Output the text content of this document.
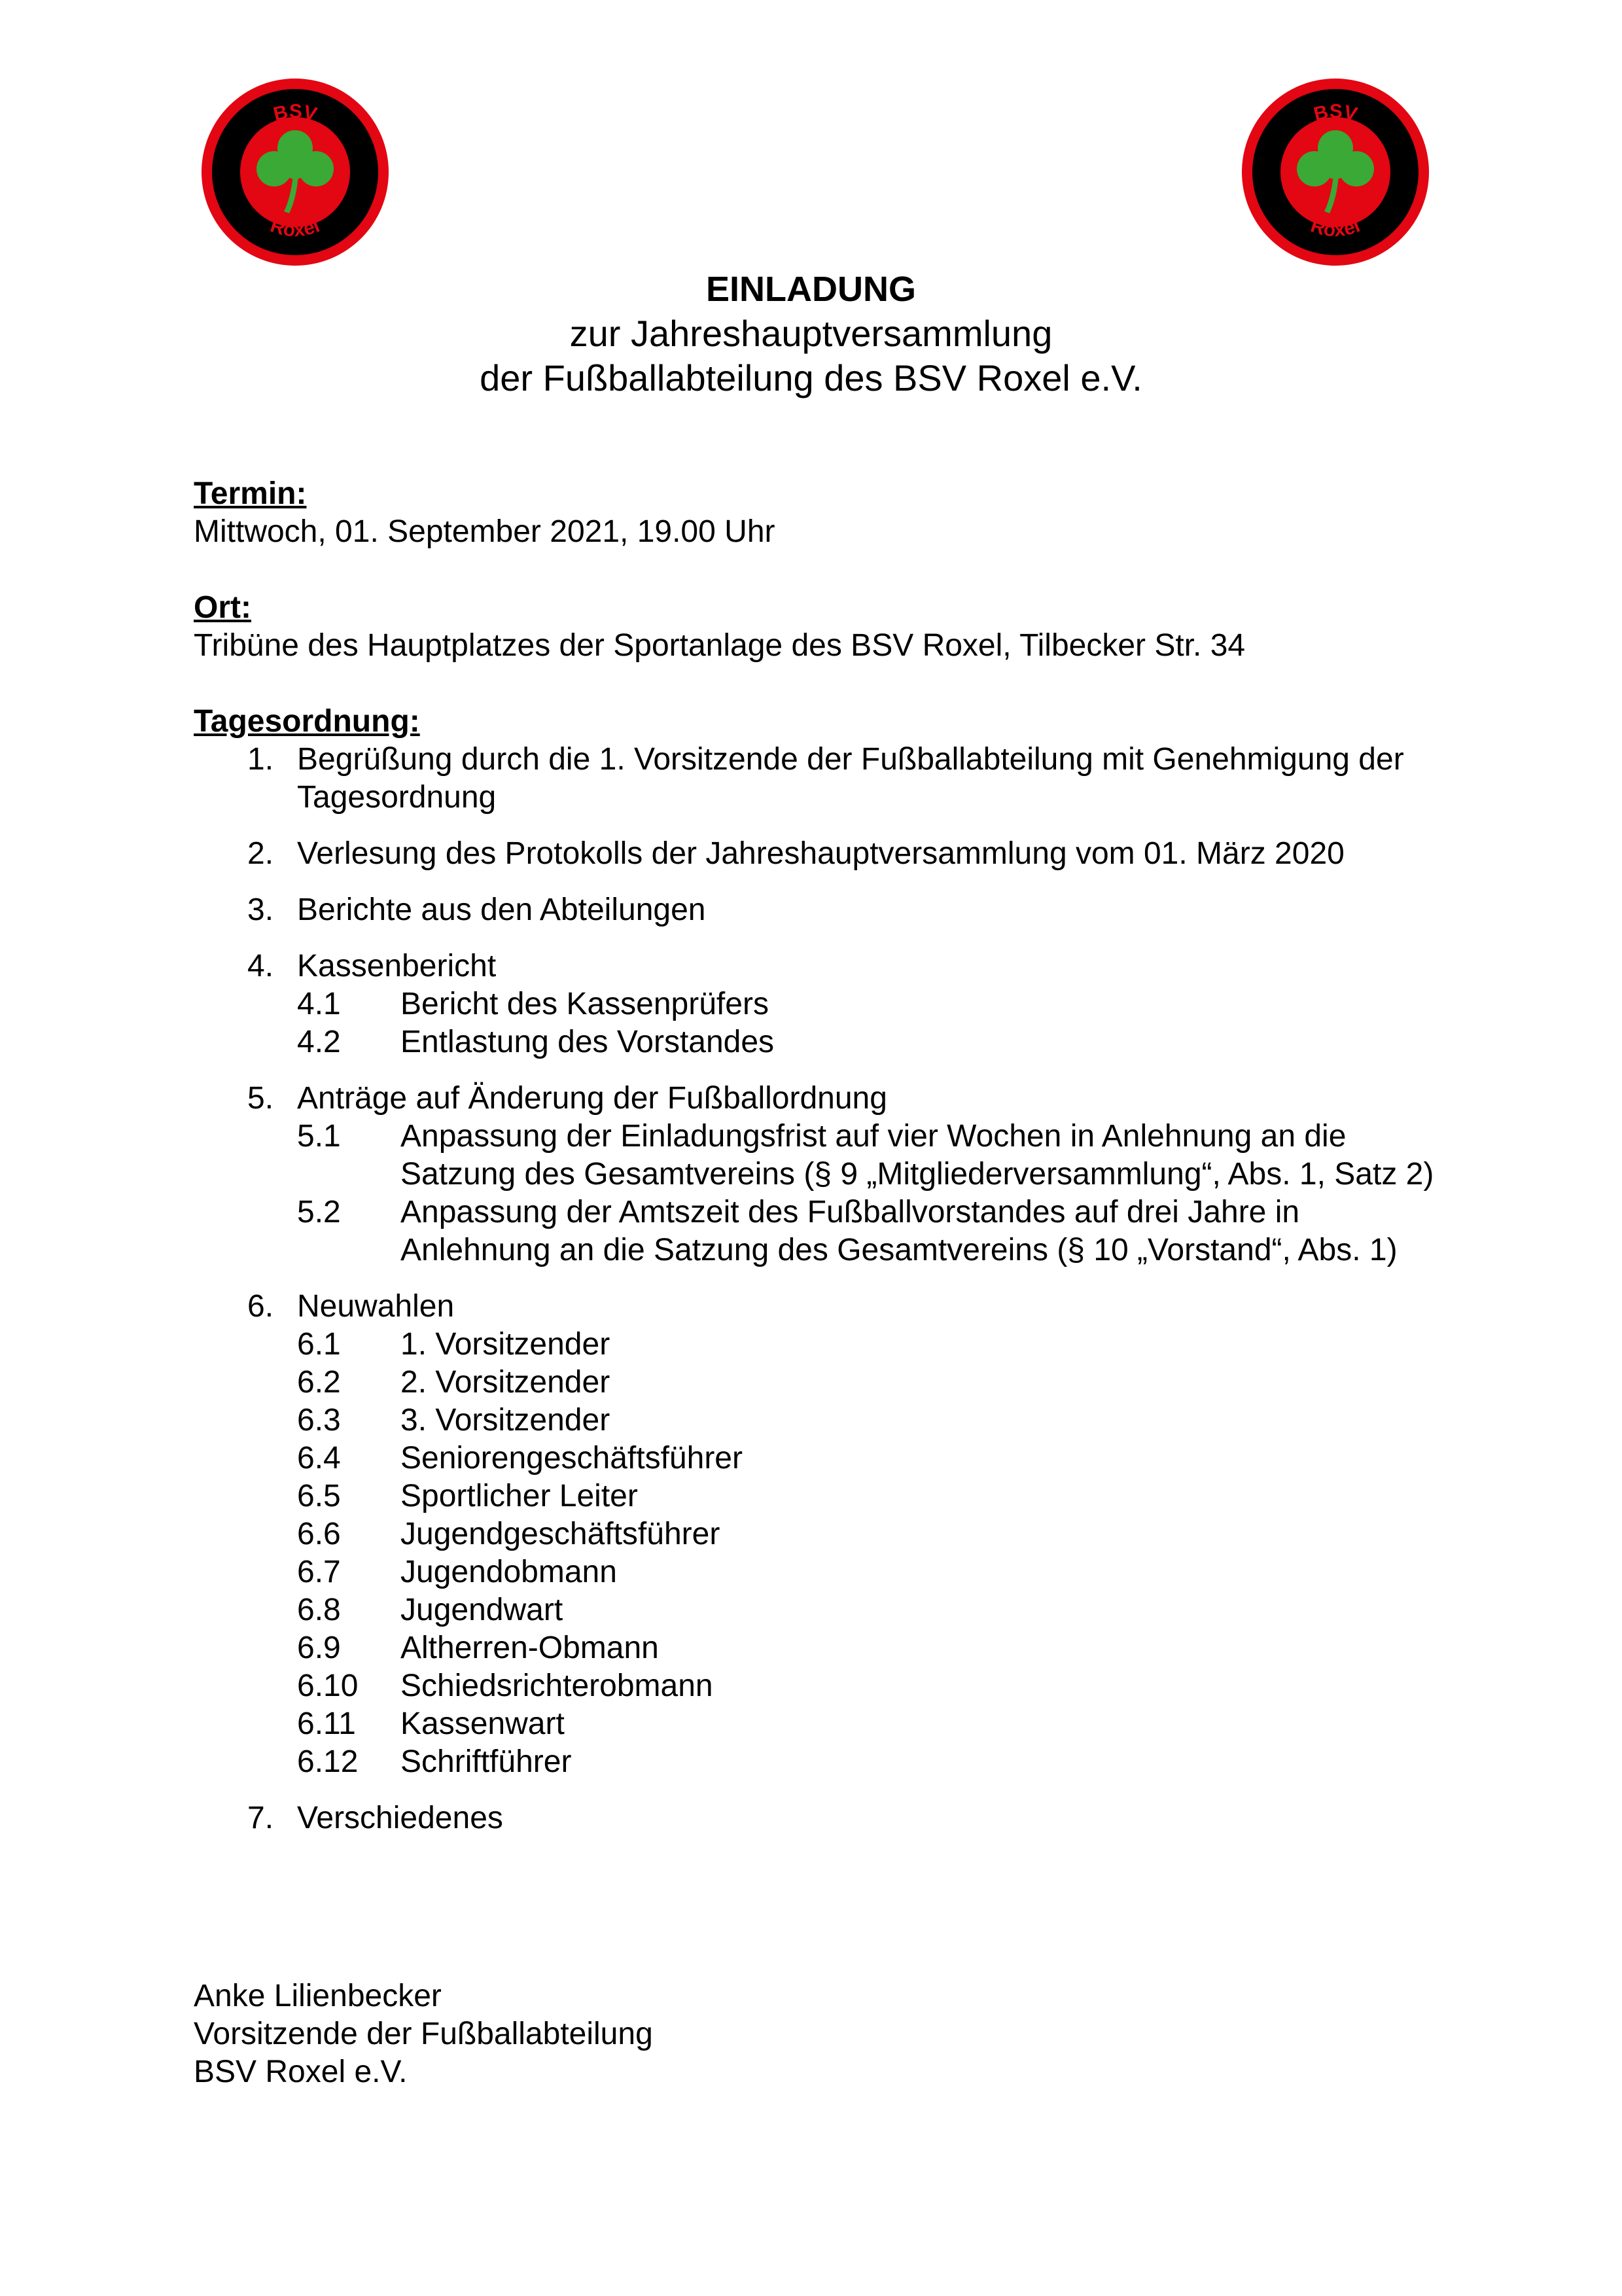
BSV
Roxel
BSV
Roxel
EINLADUNG
zur Jahreshauptversammlung
der Fußballabteilung des BSV Roxel e.V.
Termin:
Mittwoch, 01. September 2021, 19.00 Uhr
Ort:
Tribüne des Hauptplatzes der Sportanlage des BSV Roxel, Tilbecker Str. 34
Tagesordnung:
1. Begrüßung durch die 1. Vorsitzende der Fußballabteilung mit Genehmigung der Tagesordnung
2. Verlesung des Protokolls der Jahreshauptversammlung vom 01. März 2020
3. Berichte aus den Abteilungen
4. Kassenbericht
4.1 Bericht des Kassenprüfers
4.2 Entlastung des Vorstandes
5. Anträge auf Änderung der Fußballordnung
5.1 Anpassung der Einladungsfrist auf vier Wochen in Anlehnung an die Satzung des Gesamtvereins (§ 9 „Mitgliederversammlung“, Abs. 1, Satz 2)
5.2 Anpassung der Amtszeit des Fußballvorstandes auf drei Jahre in Anlehnung an die Satzung des Gesamtvereins (§ 10 „Vorstand“, Abs. 1)
6. Neuwahlen
6.1 1. Vorsitzender
6.2 2. Vorsitzender
6.3 3. Vorsitzender
6.4 Seniorengeschäftsführer
6.5 Sportlicher Leiter
6.6 Jugendgeschäftsführer
6.7 Jugendobmann
6.8 Jugendwart
6.9 Altherren-Obmann
6.10 Schiedsrichterobmann
6.11 Kassenwart
6.12 Schriftführer
7. Verschiedenes
Anke Lilienbecker
Vorsitzende der Fußballabteilung
BSV Roxel e.V.
